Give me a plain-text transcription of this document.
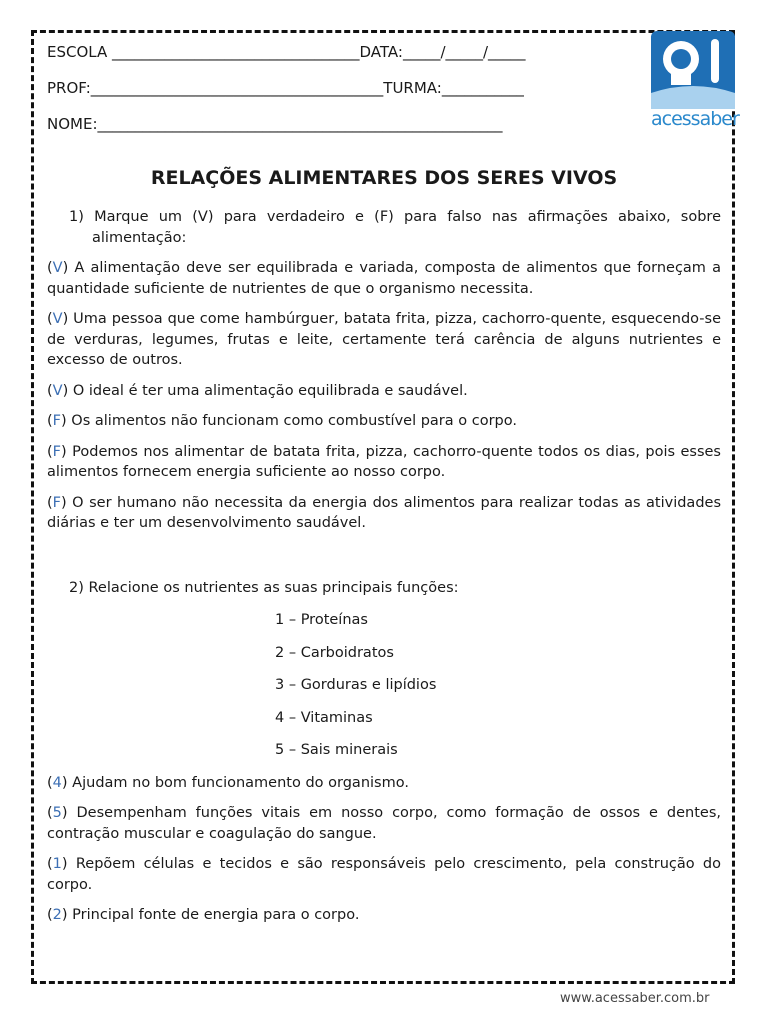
ESCOLA _________________________________DATA:_____/_____/_____
PROF:_______________________________________TURMA:___________
NOME:______________________________________________________	acessaber
RELAÇÕES ALIMENTARES DOS SERES VIVOS

1) Marque um (V) para verdadeiro e (F) para falso nas afirmações abaixo, sobre alimentação:

(V) A alimentação deve ser equilibrada e variada, composta de alimentos que forneçam a quantidade suficiente de nutrientes de que o organismo necessita.

(V) Uma pessoa que come hambúrguer, batata frita, pizza, cachorro-quente, esquecendo-se de verduras, legumes, frutas e leite, certamente terá carência de alguns nutrientes e excesso de outros.

(V) O ideal é ter uma alimentação equilibrada e saudável.

(F) Os alimentos não funcionam como combustível para o corpo.

(F) Podemos nos alimentar de batata frita, pizza, cachorro-quente todos os dias, pois esses alimentos fornecem energia suficiente ao nosso corpo.

(F) O ser humano não necessita da energia dos alimentos para realizar todas as atividades diárias e ter um desenvolvimento saudável.

2) Relacione os nutrientes as suas principais funções:

1 – Proteínas

2 – Carboidratos

3 – Gorduras e lipídios

4 – Vitaminas

5 – Sais minerais

(4) Ajudam no bom funcionamento do organismo.

(5) Desempenham funções vitais em nosso corpo, como formação de ossos e dentes, contração muscular e coagulação do sangue.

(1) Repõem células e tecidos e são responsáveis pelo crescimento, pela construção do corpo.

(2) Principal fonte de energia para o corpo.

www.acessaber.com.br
